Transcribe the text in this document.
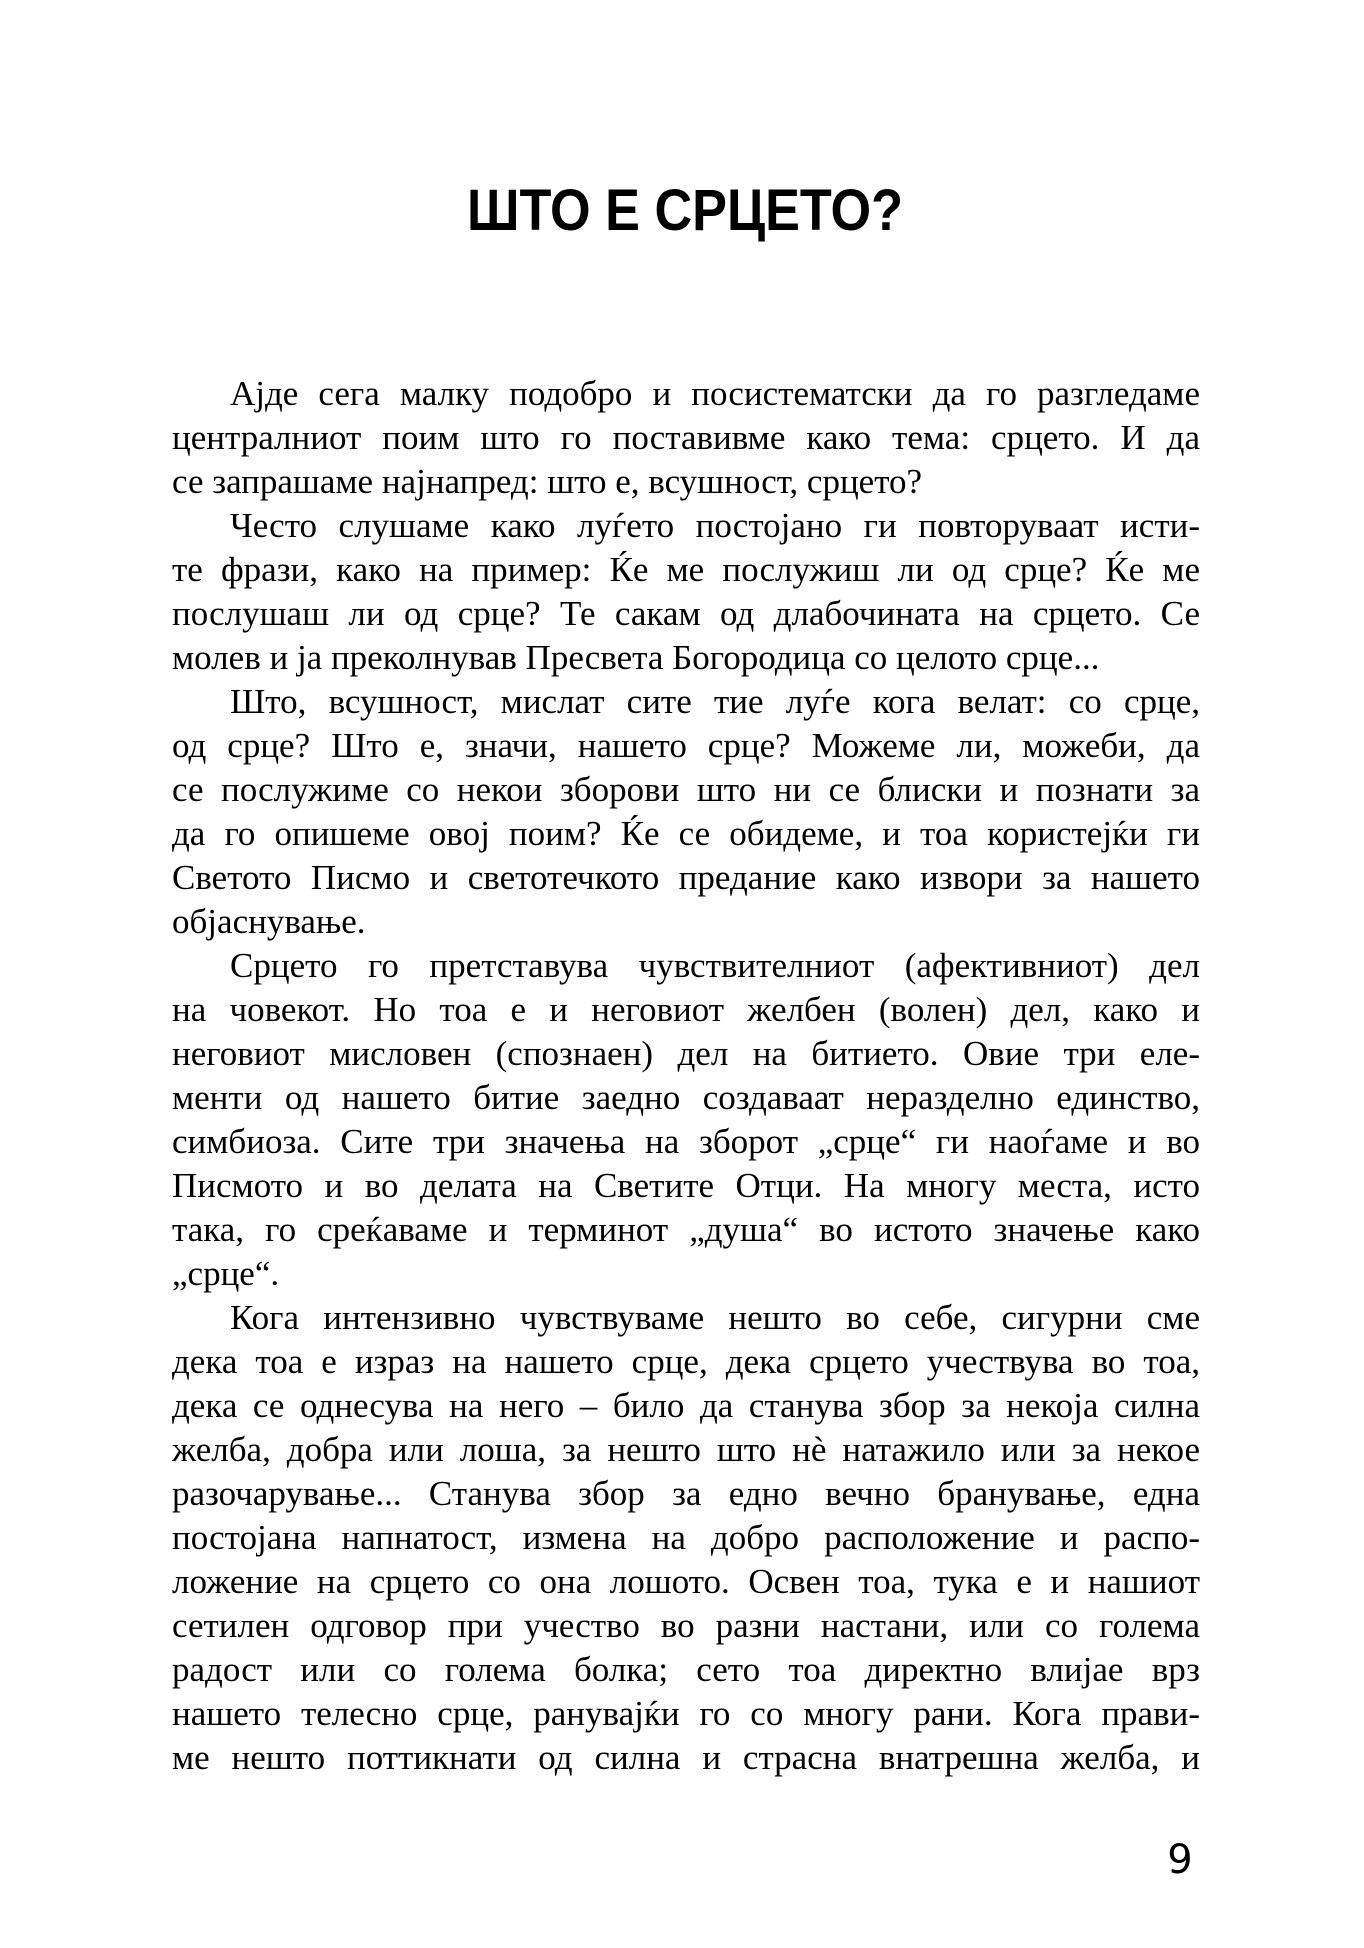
ШТО Е СРЦЕТО?
Ајде сега малку подобро и посистематски да го разгледаме
централниот поим што го поставивме како тема: срцето. И да
се запрашаме најнапред: што е, всушност, срцето?
Често слушаме како луѓето постојано ги повторуваат исти-
те фрази, како на пример: Ќе ме послужиш ли од срце? Ќе ме
послушаш ли од срце? Те сакам од длабочината на срцето. Се
молев и ја преколнував Пресвета Богородица со целото срце...
Што, всушност, мислат сите тие луѓе кога велат: со срце,
од срце? Што е, значи, нашето срце? Можеме ли, можеби, да
се послужиме со некои зборови што ни се блиски и познати за
да го опишеме овој поим? Ќе се обидеме, и тоа користејќи ги
Светото Писмо и светотечкото предание како извори за нашето
објаснување.
Срцето го претставува чувствителниот (афективниот) дел
на човекот. Но тоа е и неговиот желбен (волен) дел, како и
неговиот мисловен (спознаен) дел на битието. Овие три еле-
менти од нашето битие заедно создаваат неразделно единство,
симбиоза. Сите три значења на зборот „срце“ ги наоѓаме и во
Писмото и во делата на Светите Отци. На многу места, исто
така, го среќаваме и терминот „душа“ во истото значење како
„срце“.
Кога интензивно чувствуваме нешто во себе, сигурни сме
дека тоа е израз на нашето срце, дека срцето учествува во тоа,
дека се однесува на него – било да станува збор за некоја силна
желба, добра или лоша, за нешто што нè натажило или за некое
разочарување... Станува збор за едно вечно бранување, една
постојана напнатост, измена на добро расположение и распо-
ложение на срцето со она лошото. Освен тоа, тука е и нашиот
сетилен одговор при учество во разни настани, или со голема
радост или со голема болка; сето тоа директно влијае врз
нашето телесно срце, ранувајќи го со многу рани. Кога прави-
ме нешто поттикнати од силна и страсна внатрешна желба, и
9
